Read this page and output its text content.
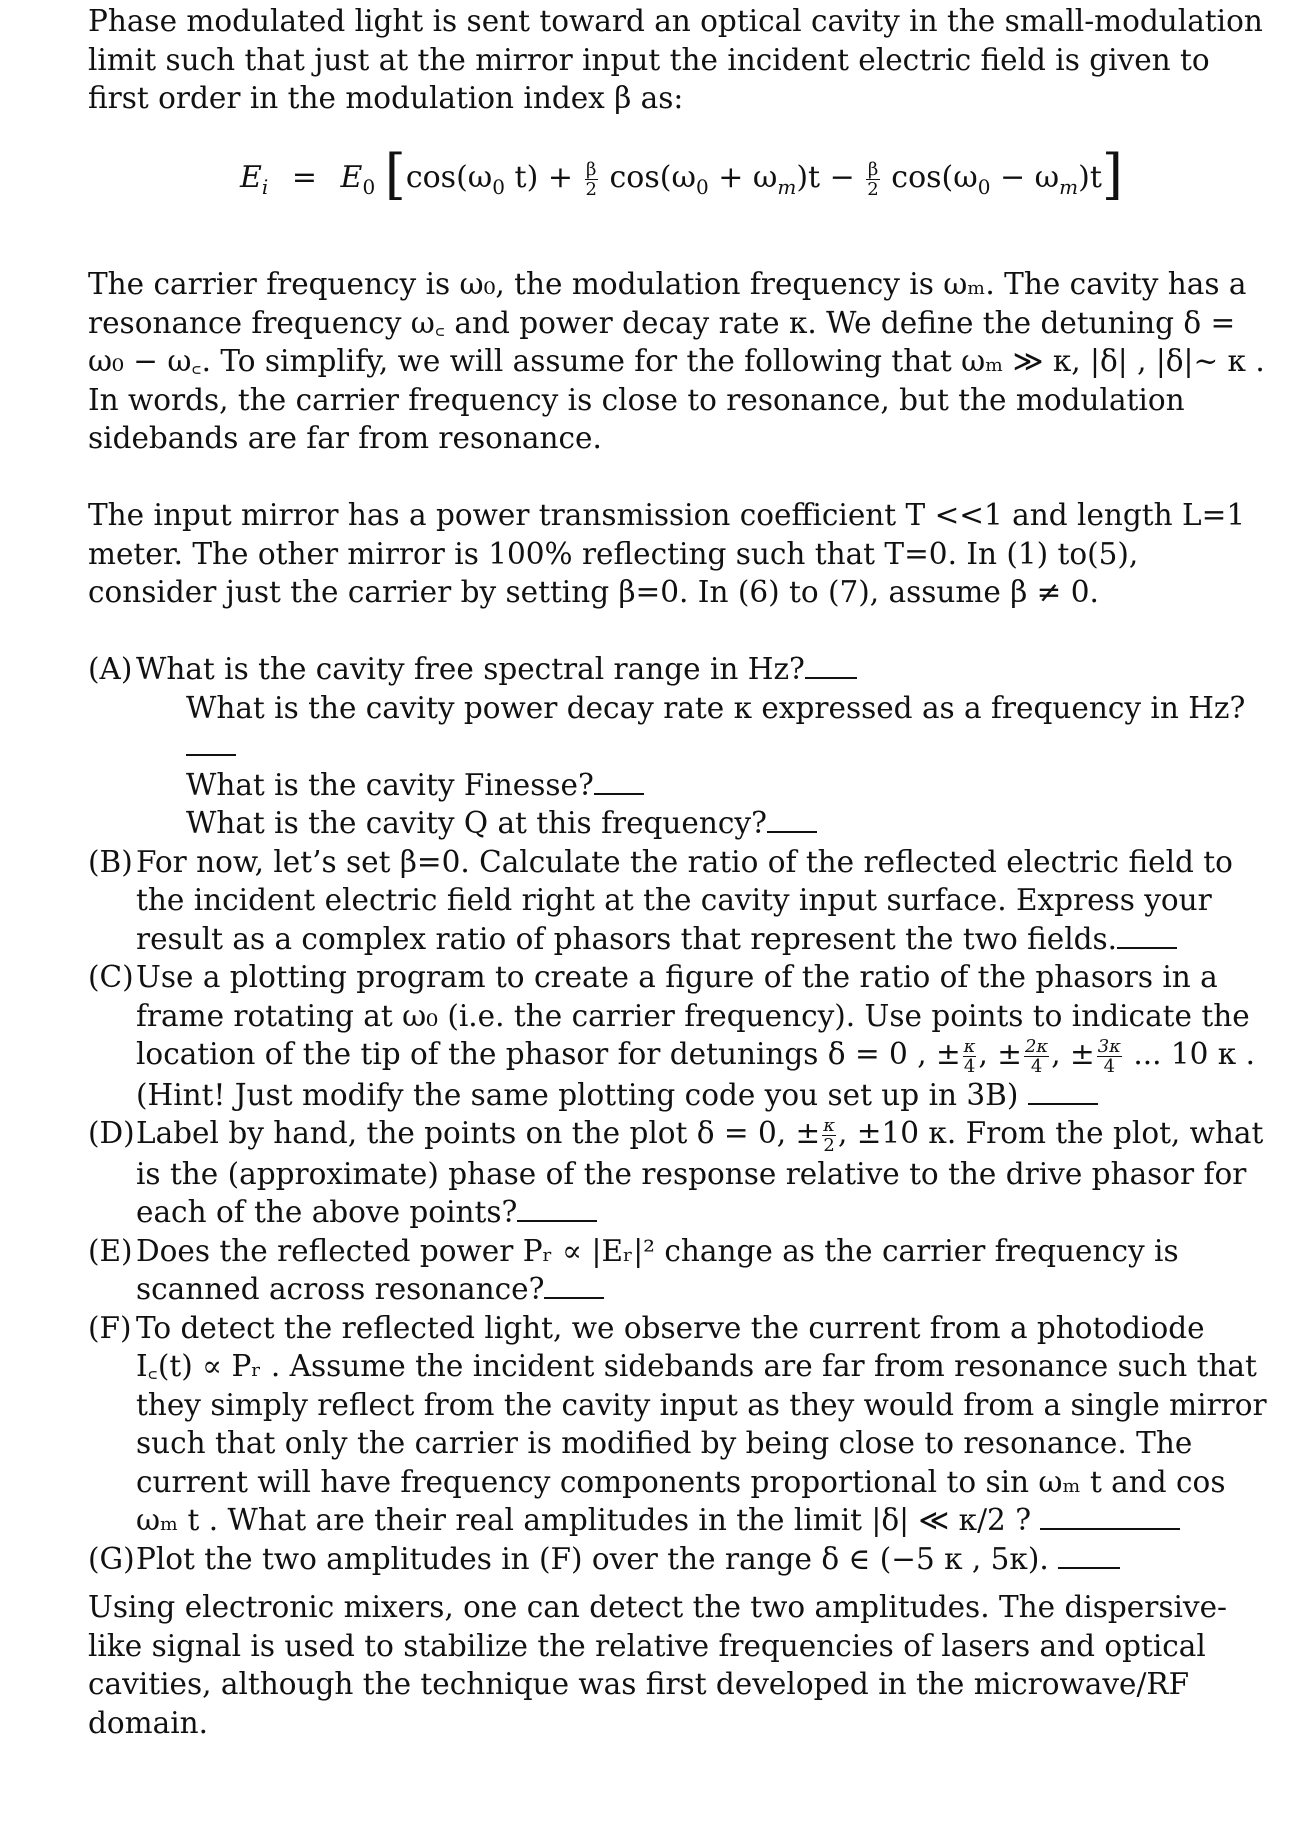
Phase modulated light is sent toward an optical cavity in the small-modulation limit such that just at the mirror input the incident electric field is given to first order in the modulation index β as:

$E_i = E_0$ [$\cos(\omega_0$ $t) + \frac{\beta}{2} \cos(\omega_0 + \omega_m)t - \frac{\beta}{2} \cos(\omega_0 - \omega_m)t$]

The carrier frequency is ω₀, the modulation frequency is ωₘ. The cavity has a resonance frequency ω꜀ and power decay rate κ. We define the detuning δ = ω₀ − ω꜀. To simplify, we will assume for the following that ωₘ ≫ κ, |δ| , |δ|~ κ . In words, the carrier frequency is close to resonance, but the modulation sidebands are far from resonance.

The input mirror has a power transmission coefficient T <<1 and length L=1 meter. The other mirror is 100% reflecting such that T=0. In (1) to(5), consider just the carrier by setting β=0. In (6) to (7), assume β ≠ 0.

(A) What is the cavity free spectral range in Hz?

What is the cavity power decay rate κ expressed as a frequency in Hz?

What is the cavity Finesse?

What is the cavity Q at this frequency?

(B) For now, let’s set β=0. Calculate the ratio of the reflected electric field to the incident electric field right at the cavity input surface. Express your result as a complex ratio of phasors that represent the two fields.

(C) Use a plotting program to create a figure of the ratio of the phasors in a frame rotating at ω₀ (i.e. the carrier frequency). Use points to indicate the location of the tip of the phasor for detunings δ = 0 , ± $\frac{\kappa}{4}$ , ± $\frac{2\kappa}{4}$ , ± $\frac{3\kappa}{4}$ ... 10 κ . (Hint! Just modify the same plotting code you set up in 3B)

(D) Label by hand, the points on the plot δ = 0, ± $\frac{\kappa}{2}$ , ±10 κ. From the plot, what is the (approximate) phase of the response relative to the drive phasor for each of the above points?

(E) Does the reflected power Pᵣ ∝ |Eᵣ|² change as the carrier frequency is scanned across resonance?

(F) To detect the reflected light, we observe the current from a photodiode I꜀(t) ∝ Pᵣ . Assume the incident sidebands are far from resonance such that they simply reflect from the cavity input as they would from a single mirror such that only the carrier is modified by being close to resonance. The current will have frequency components proportional to sin ωₘ t and cos ωₘ t . What are their real amplitudes in the limit |δ| ≪ κ/2 ?

(G) Plot the two amplitudes in (F) over the range δ ∈ (−5 κ , 5κ).

Using electronic mixers, one can detect the two amplitudes. The dispersive-like signal is used to stabilize the relative frequencies of lasers and optical cavities, although the technique was first developed in the microwave/RF domain.
